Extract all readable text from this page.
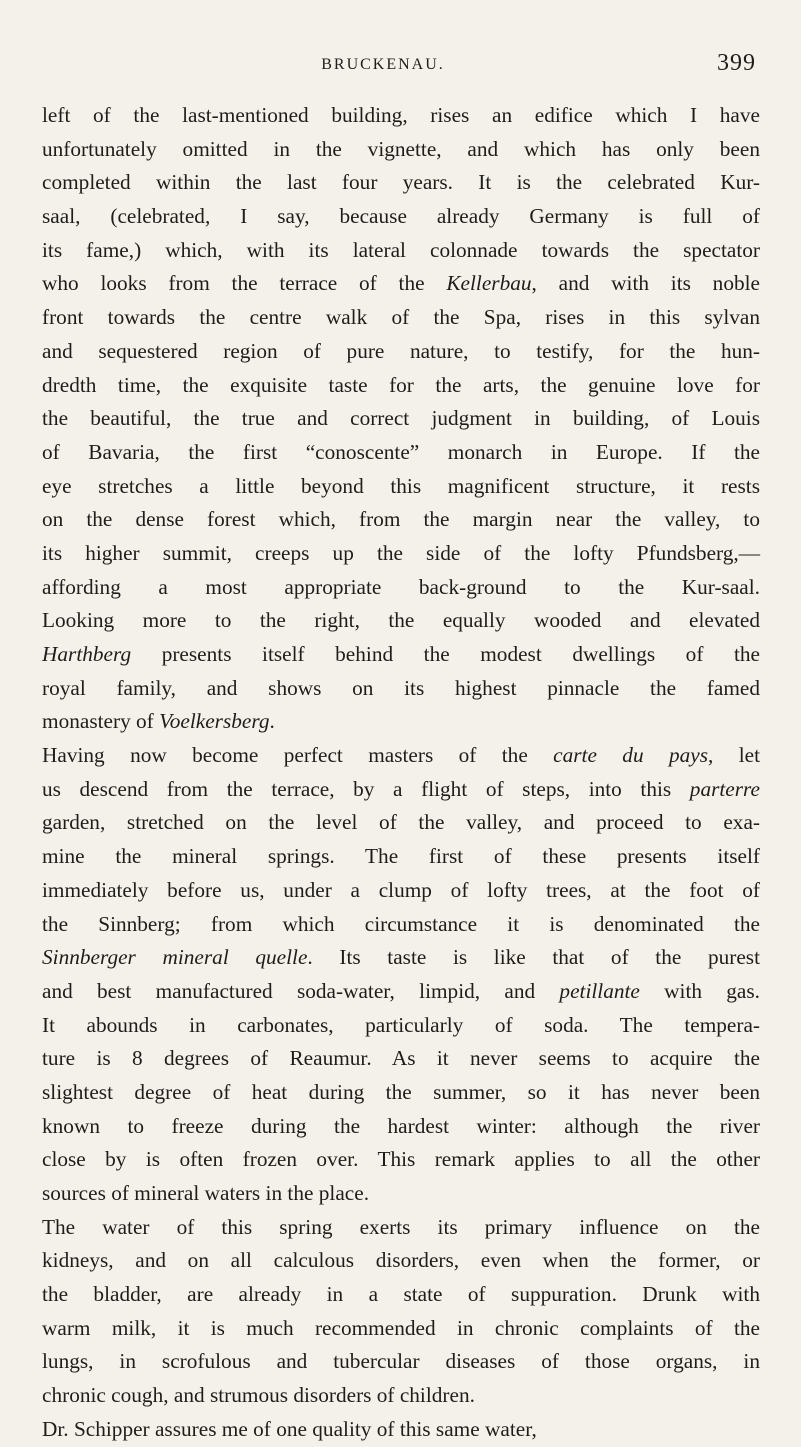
BRUCKENAU.	399
left of the last-mentioned building, rises an edifice which I have
unfortunately omitted in the vignette, and which has only been
completed within the last four years. It is the celebrated Kur-
saal, (celebrated, I say, because already Germany is full of
its fame,) which, with its lateral colonnade towards the spectator
who looks from the terrace of the Kellerbau, and with its noble
front towards the centre walk of the Spa, rises in this sylvan
and sequestered region of pure nature, to testify, for the hun-
dredth time, the exquisite taste for the arts, the genuine love for
the beautiful, the true and correct judgment in building, of Louis
of Bavaria, the first “conoscente” monarch in Europe. If the
eye stretches a little beyond this magnificent structure, it rests
on the dense forest which, from the margin near the valley, to
its higher summit, creeps up the side of the lofty Pfundsberg,—
affording a most appropriate back-ground to the Kur-saal.
Looking more to the right, the equally wooded and elevated
Harthberg presents itself behind the modest dwellings of the
royal family, and shows on its highest pinnacle the famed
monastery of Voelkersberg.
Having now become perfect masters of the carte du pays, let
us descend from the terrace, by a flight of steps, into this parterre
garden, stretched on the level of the valley, and proceed to exa-
mine the mineral springs. The first of these presents itself
immediately before us, under a clump of lofty trees, at the foot of
the Sinnberg; from which circumstance it is denominated the
Sinnberger mineral quelle. Its taste is like that of the purest
and best manufactured soda-water, limpid, and petillante with gas.
It abounds in carbonates, particularly of soda. The tempera-
ture is 8 degrees of Reaumur. As it never seems to acquire the
slightest degree of heat during the summer, so it has never been
known to freeze during the hardest winter: although the river
close by is often frozen over. This remark applies to all the other
sources of mineral waters in the place.
The water of this spring exerts its primary influence on the
kidneys, and on all calculous disorders, even when the former, or
the bladder, are already in a state of suppuration. Drunk with
warm milk, it is much recommended in chronic complaints of the
lungs, in scrofulous and tubercular diseases of those organs, in
chronic cough, and strumous disorders of children.
Dr. Schipper assures me of one quality of this same water,
